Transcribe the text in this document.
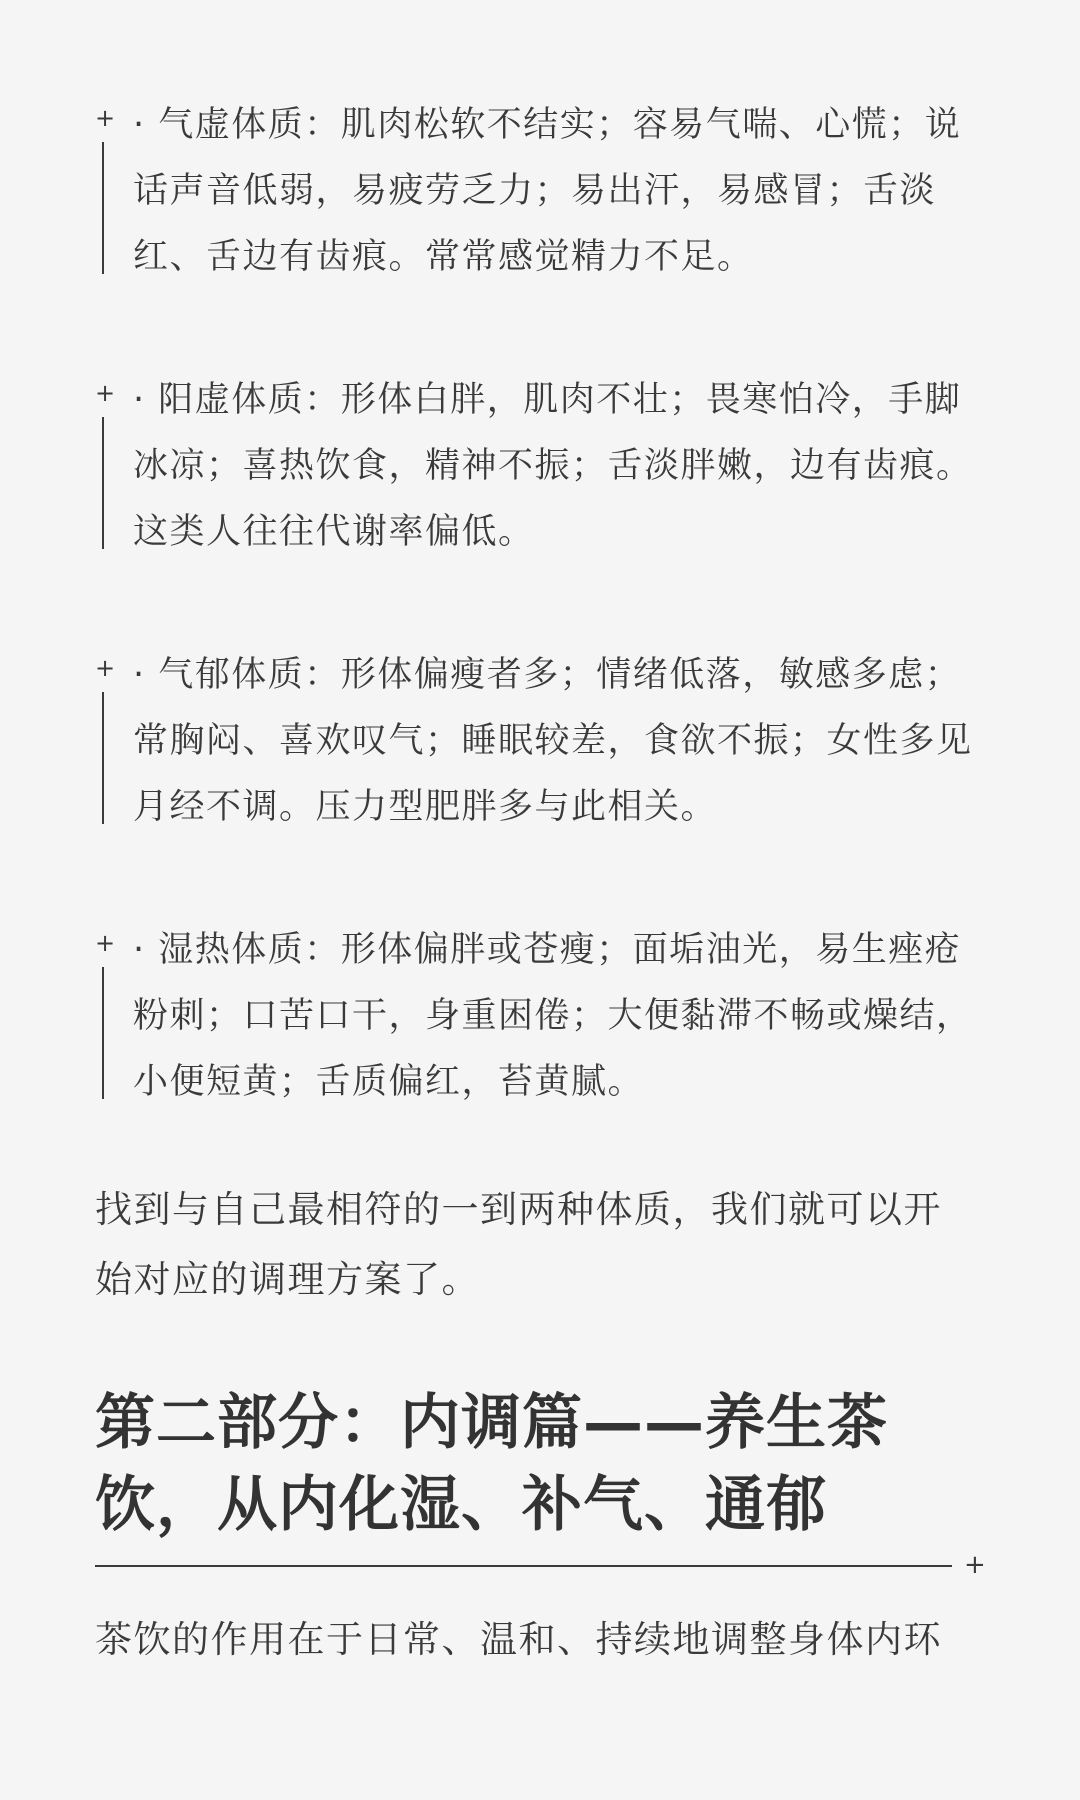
+ · 气虚体质：肌肉松软不结实；容易气喘、心慌；说
话声音低弱，易疲劳乏力；易出汗，易感冒；舌淡
红、舌边有齿痕。常常感觉精力不足。
+ · 阳虚体质：形体白胖，肌肉不壮；畏寒怕冷，手脚
冰凉；喜热饮食，精神不振；舌淡胖嫩，边有齿痕。
这类人往往代谢率偏低。
+ · 气郁体质：形体偏瘦者多；情绪低落，敏感多虑；
常胸闷、喜欢叹气；睡眠较差，食欲不振；女性多见
月经不调。压力型肥胖多与此相关。
+ · 湿热体质：形体偏胖或苍瘦；面垢油光，易生痤疮
粉刺；口苦口干，身重困倦；大便黏滞不畅或燥结，
小便短黄；舌质偏红，苔黄腻。
找到与自己最相符的一到两种体质，我们就可以开
始对应的调理方案了。
第二部分：内调篇——养生茶
饮，从内化湿、补气、通郁
+
茶饮的作用在于日常、温和、持续地调整身体内环
